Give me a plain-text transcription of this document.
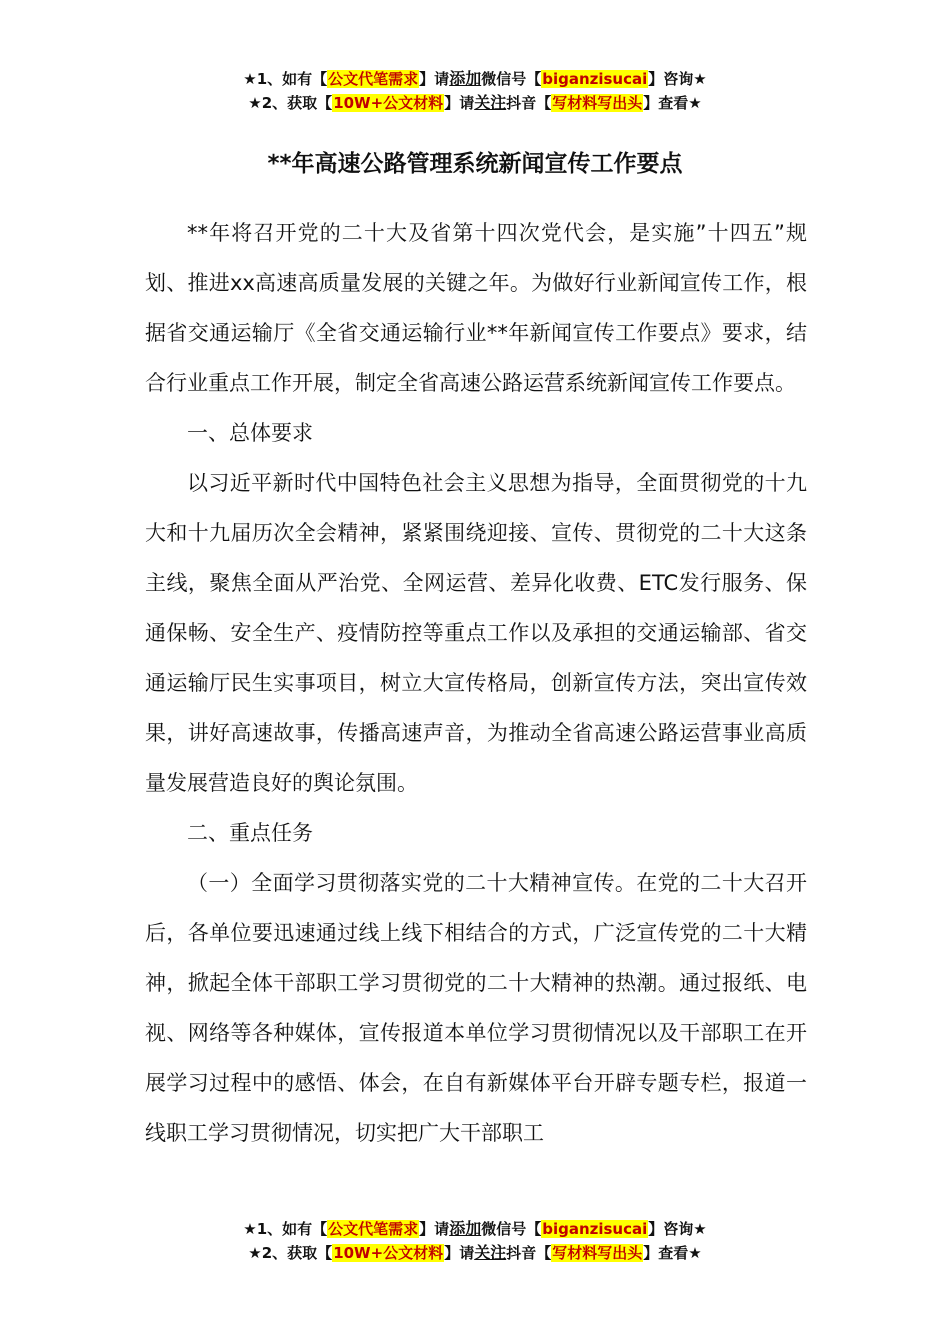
★1、如有【公文代笔需求】请添加微信号【biganzisucai】咨询★
★2、获取【10W+公文材料】请关注抖音【写材料写出头】查看★
**年高速公路管理系统新闻宣传工作要点

**年将召开党的二十大及省第十四次党代会，是实施”十四五”规划、推进xx高速高质量发展的关键之年。为做好行业新闻宣传工作，根据省交通运输厅《全省交通运输行业**年新闻宣传工作要点》要求，结合行业重点工作开展，制定全省高速公路运营系统新闻宣传工作要点。

一、总体要求

以习近平新时代中国特色社会主义思想为指导，全面贯彻党的十九大和十九届历次全会精神，紧紧围绕迎接、宣传、贯彻党的二十大这条主线，聚焦全面从严治党、全网运营、差异化收费、ETC发行服务、保通保畅、安全生产、疫情防控等重点工作以及承担的交通运输部、省交通运输厅民生实事项目，树立大宣传格局，创新宣传方法，突出宣传效果，讲好高速故事，传播高速声音，为推动全省高速公路运营事业高质量发展营造良好的舆论氛围。

二、重点任务

（一）全面学习贯彻落实党的二十大精神宣传。在党的二十大召开后，各单位要迅速通过线上线下相结合的方式，广泛宣传党的二十大精神，掀起全体干部职工学习贯彻党的二十大精神的热潮。通过报纸、电视、网络等各种媒体，宣传报道本单位学习贯彻情况以及干部职工在开展学习过程中的感悟、体会，在自有新媒体平台开辟专题专栏，报道一线职工学习贯彻情况，切实把广大干部职工

★1、如有【公文代笔需求】请添加微信号【biganzisucai】咨询★
★2、获取【10W+公文材料】请关注抖音【写材料写出头】查看★
